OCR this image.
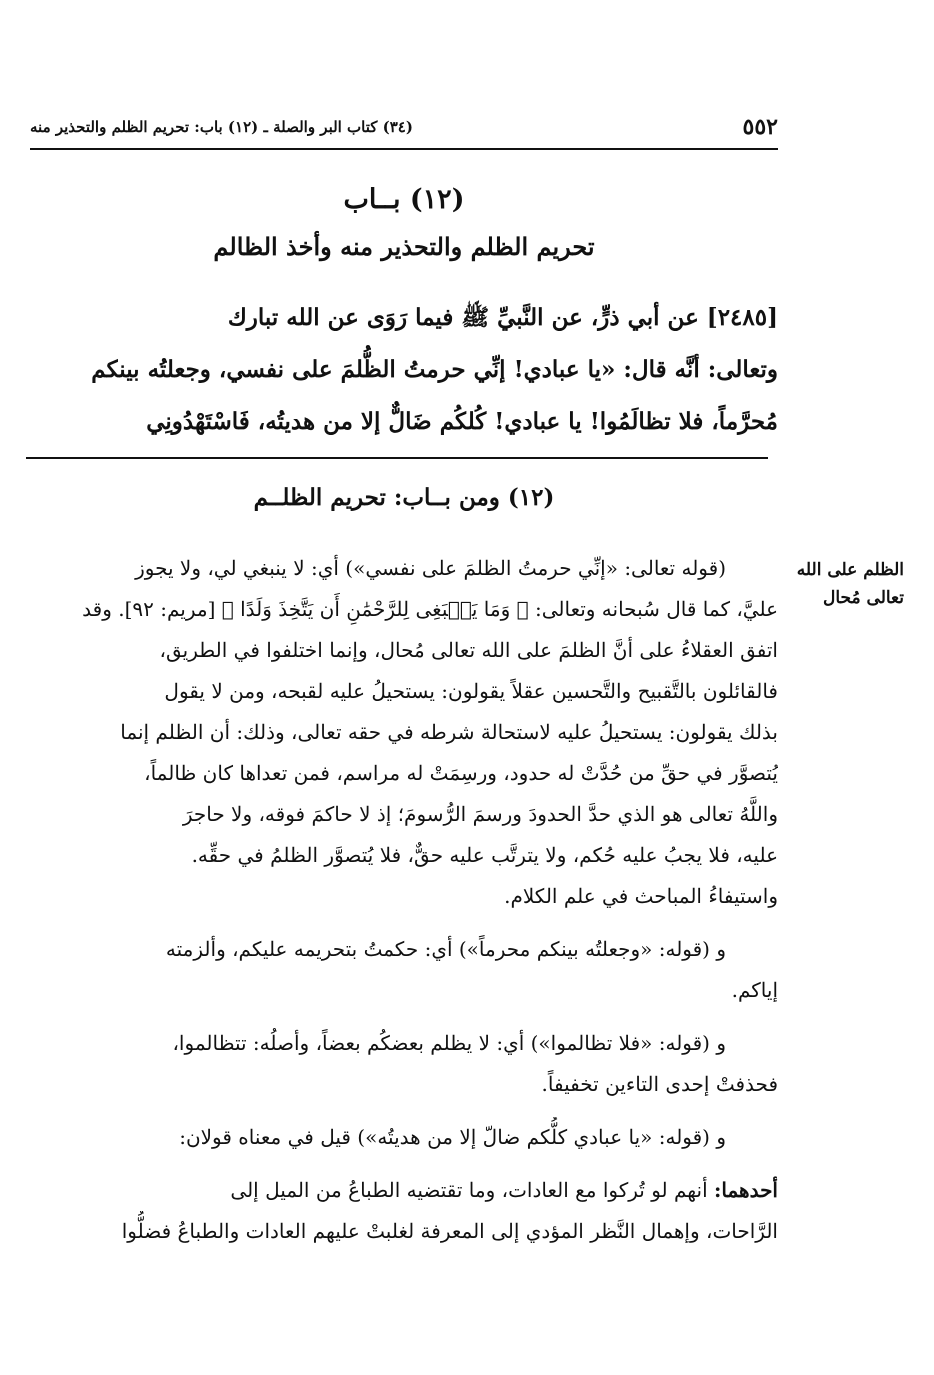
٥٥٢
(٣٤) كتاب البر والصلة ـ (١٢) باب: تحريم الظلم والتحذير منه
(١٢) بــاب
تحريم الظلم والتحذير منه وأخذ الظالم
[٢٤٨٥] عن أبي ذرٍّ، عن النَّبيِّ ﷺ فيما رَوَى عن الله تبارك
وتعالى: أنَّه قال: «يا عبادي! إنِّي حرمتُ الظُّلمَ على نفسي، وجعلتُه بينكم
مُحرَّماً، فلا تظالَمُوا! يا عبادي! كُلكُم ضَالٌّ إلا من هديتُه، فَاسْتَهْدُونِي
(١٢) ومن بــاب: تحريم الظلــم
الظلم على الله
تعالى مُحال
(قوله تعالى: «إنِّي حرمتُ الظلمَ على نفسي») أي: لا ينبغي لي، ولا يجوز
عليَّ، كما قال سُبحانه وتعالى: ﴿ وَمَا يَنۢبَغِى لِلرَّحْمَٰنِ أَن يَتَّخِذَ وَلَدًا ﴾ [مريم: ٩٢]. وقد
اتفق العقلاءُ على أنَّ الظلمَ على الله تعالى مُحال، وإنما اختلفوا في الطريق،
فالقائلون بالتَّقبيح والتَّحسين عقلاً يقولون: يستحيلُ عليه لقبحه، ومن لا يقول
بذلك يقولون: يستحيلُ عليه لاستحالة شرطه في حقه تعالى، وذلك: أن الظلم إنما
يُتصوَّر في حقِّ من حُدَّتْ له حدود، ورسِمَتْ له مراسم، فمن تعداها كان ظالماً،
واللَّهُ تعالى هو الذي حدَّ الحدودَ ورسمَ الرُّسومَ؛ إذ لا حاكمَ فوقه، ولا حاجرَ
عليه، فلا يجبُ عليه حُكم، ولا يترتَّب عليه حقٌّ، فلا يُتصوَّر الظلمُ في حقِّه.
واستيفاءُ المباحث في علم الكلام.
و (قوله: «وجعلتُه بينكم محرماً») أي: حكمتُ بتحريمه عليكم، وألزمته
إياكم.
و (قوله: «فلا تظالموا») أي: لا يظلم بعضكُم بعضاً، وأصلُه: تتظالموا،
فحذفتْ إحدى التاءين تخفيفاً.
و (قوله: «يا عبادي كلُّكم ضالّ إلا من هديتُه») قيل في معناه قولان:
أحدهما: أنهم لو تُركوا مع العادات، وما تقتضيه الطباعُ من الميل إلى
الرَّاحات، وإهمال النَّظر المؤدي إلى المعرفة لغلبتْ عليهم العادات والطباعُ فضلُّوا
